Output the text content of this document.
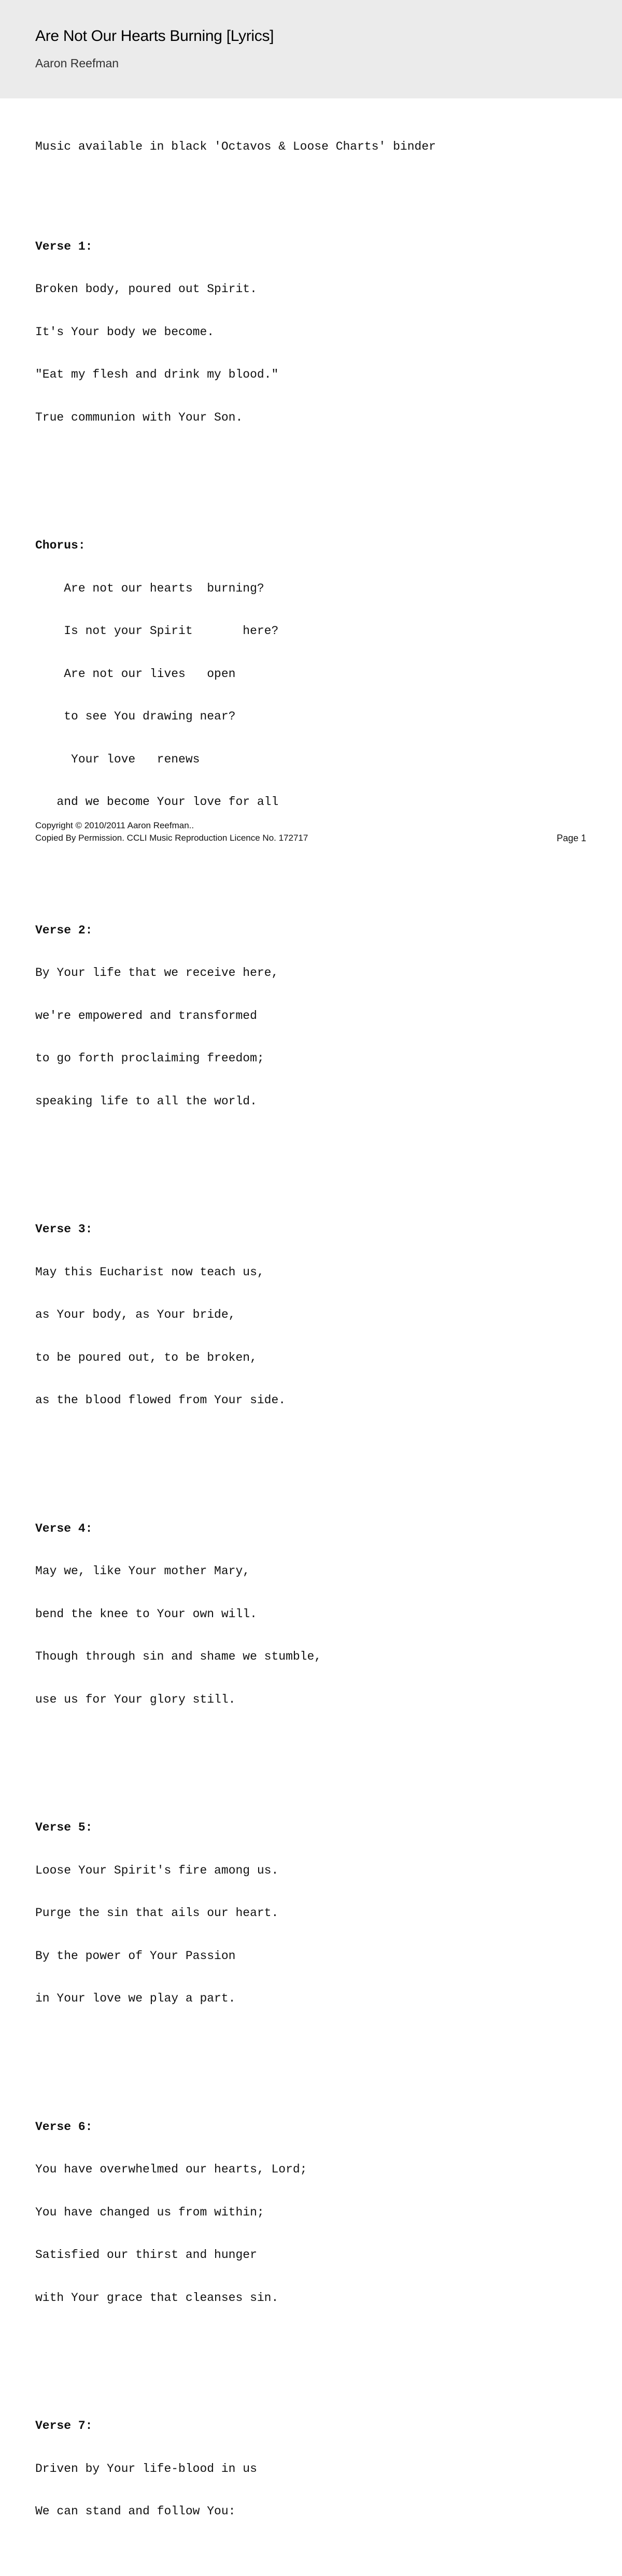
Are Not Our Hearts Burning [Lyrics]
Aaron Reefman

Music available in black 'Octavos & Loose Charts' binder

Verse 1:

Broken body, poured out Spirit.

It's Your body we become.

"Eat my flesh and drink my blood."

True communion with Your Son.

Chorus:

Are not our hearts  burning?

Is not your Spirit       here?

Are not our lives   open

to see You drawing near?

Your love   renews

and we become Your love for all

Verse 2:

By Your life that we receive here,

we're empowered and transformed

to go forth proclaiming freedom;

speaking life to all the world.

Verse 3:

May this Eucharist now teach us,

as Your body, as Your bride,

to be poured out, to be broken,

as the blood flowed from Your side.

Verse 4:

May we, like Your mother Mary,

bend the knee to Your own will.

Though through sin and shame we stumble,

use us for Your glory still.

Verse 5:

Loose Your Spirit's fire among us.

Purge the sin that ails our heart.

By the power of Your Passion

in Your love we play a part.

Verse 6:

You have overwhelmed our hearts, Lord;

You have changed us from within;

Satisfied our thirst and hunger

with Your grace that cleanses sin.

Verse 7:

Driven by Your life-blood in us

We can stand and follow You:

Copyright © 2010/2011 Aaron Reefman..
Copied By Permission. CCLI Music Reproduction Licence No. 172717	Page 1
